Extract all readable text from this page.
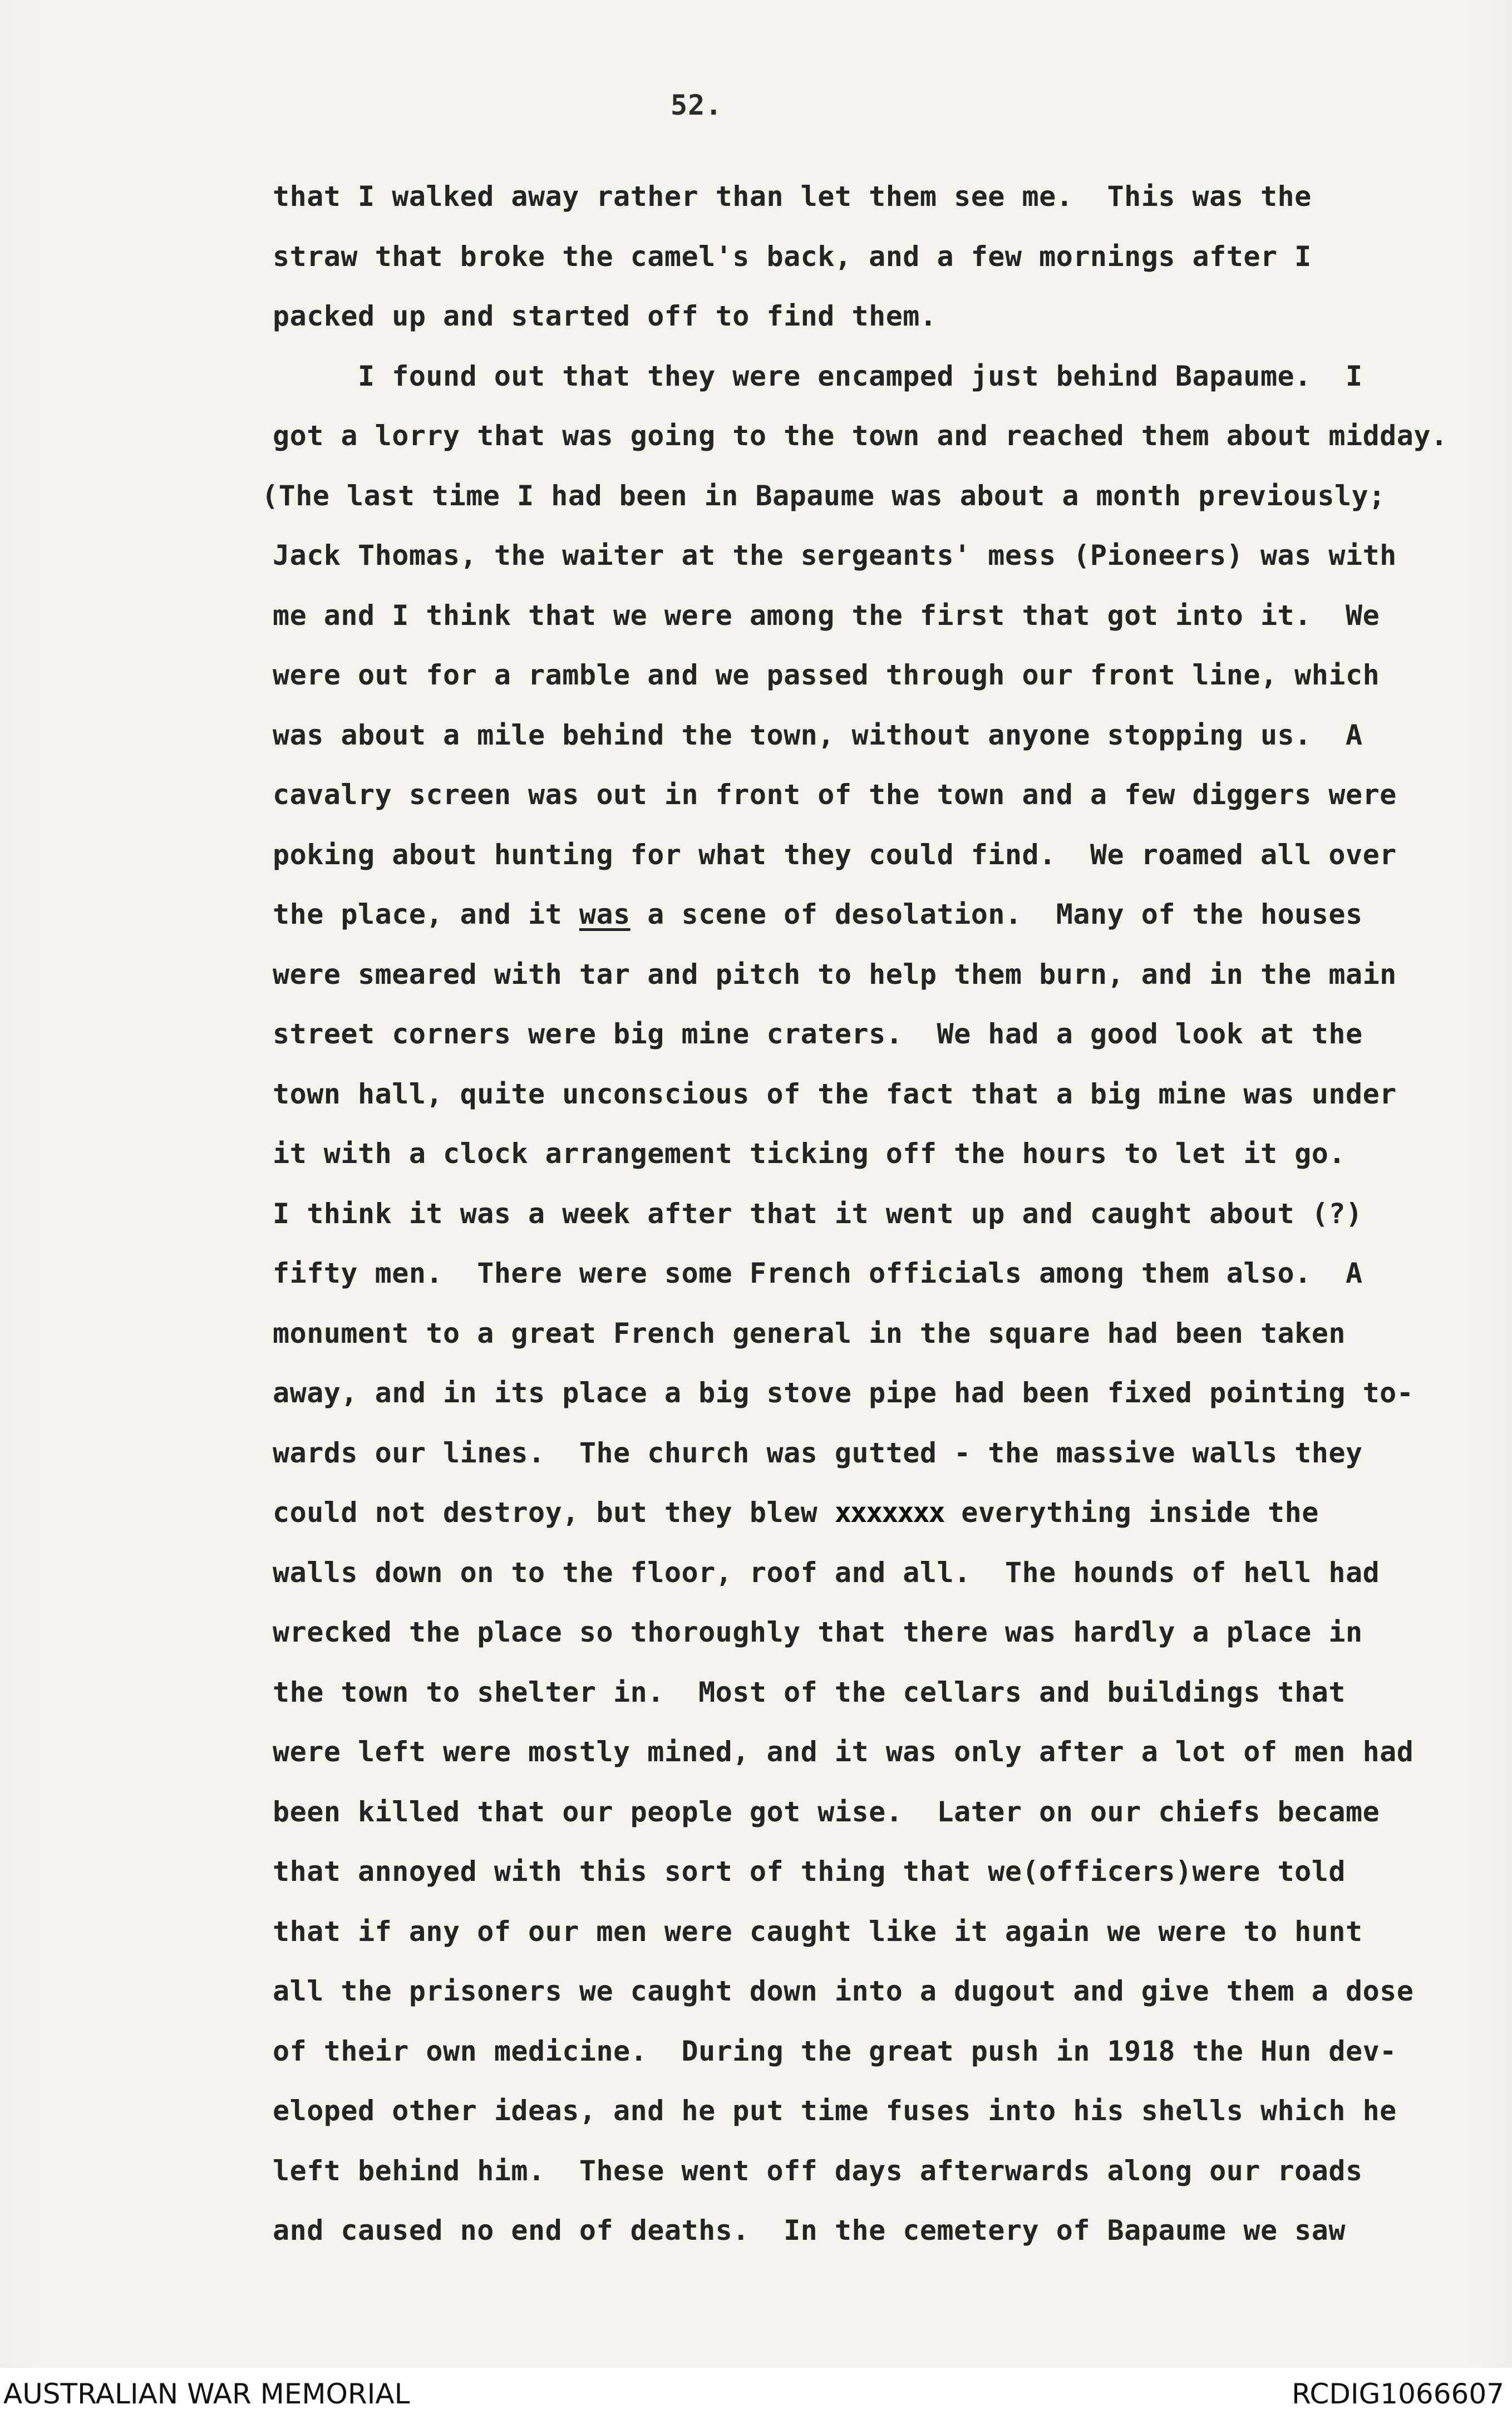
52.
that I walked away rather than let them see me.  This was the
straw that broke the camel's back, and a few mornings after I
packed up and started off to find them.
I found out that they were encamped just behind Bapaume.  I
got a lorry that was going to the town and reached them about midday.
(The last time I had been in Bapaume was about a month previously;
Jack Thomas, the waiter at the sergeants' mess (Pioneers) was with
me and I think that we were among the first that got into it.  We
were out for a ramble and we passed through our front line, which
was about a mile behind the town, without anyone stopping us.  A
cavalry screen was out in front of the town and a few diggers were
poking about hunting for what they could find.  We roamed all over
the place, and it was a scene of desolation.  Many of the houses
were smeared with tar and pitch to help them burn, and in the main
street corners were big mine craters.  We had a good look at the
town hall, quite unconscious of the fact that a big mine was under
it with a clock arrangement ticking off the hours to let it go.
I think it was a week after that it went up and caught about (?)
fifty men.  There were some French officials among them also.  A
monument to a great French general in the square had been taken
away, and in its place a big stove pipe had been fixed pointing to-
wards our lines.  The church was gutted - the massive walls they
could not destroy, but they blew xxxxxxx everything inside the
walls down on to the floor, roof and all.  The hounds of hell had
wrecked the place so thoroughly that there was hardly a place in
the town to shelter in.  Most of the cellars and buildings that
were left were mostly mined, and it was only after a lot of men had
been killed that our people got wise.  Later on our chiefs became
that annoyed with this sort of thing that we(officers)were told
that if any of our men were caught like it again we were to hunt
all the prisoners we caught down into a dugout and give them a dose
of their own medicine.  During the great push in 1918 the Hun dev-
eloped other ideas, and he put time fuses into his shells which he
left behind him.  These went off days afterwards along our roads
and caused no end of deaths.  In the cemetery of Bapaume we saw
AUSTRALIAN WAR MEMORIAL	RCDIG1066607
